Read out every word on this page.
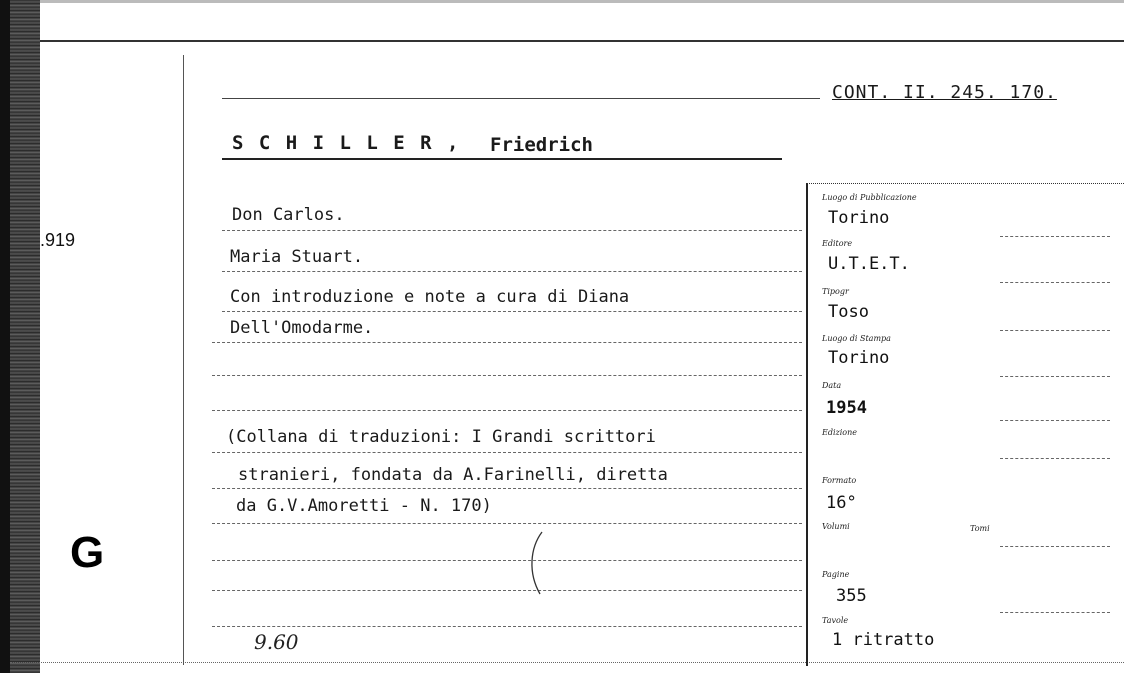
.919
G
CONT. II. 245. 170.
S C H I L L E R , Friedrich
Don Carlos.
Maria Stuart.
Con introduzione e note a cura di Diana
Dell'Omodarme.
(Collana di traduzioni: I Grandi scrittori
stranieri, fondata da A.Farinelli, diretta
da G.V.Amoretti - N. 170)
9.60
Luogo di Pubblicazione
Torino
Editore
U.T.E.T.
Tipogr
Toso
Luogo di Stampa
Torino
Data
1954
Edizione
Formato
16°
Volumi	Tomi
Pagine
355
Tavole
1 ritratto
